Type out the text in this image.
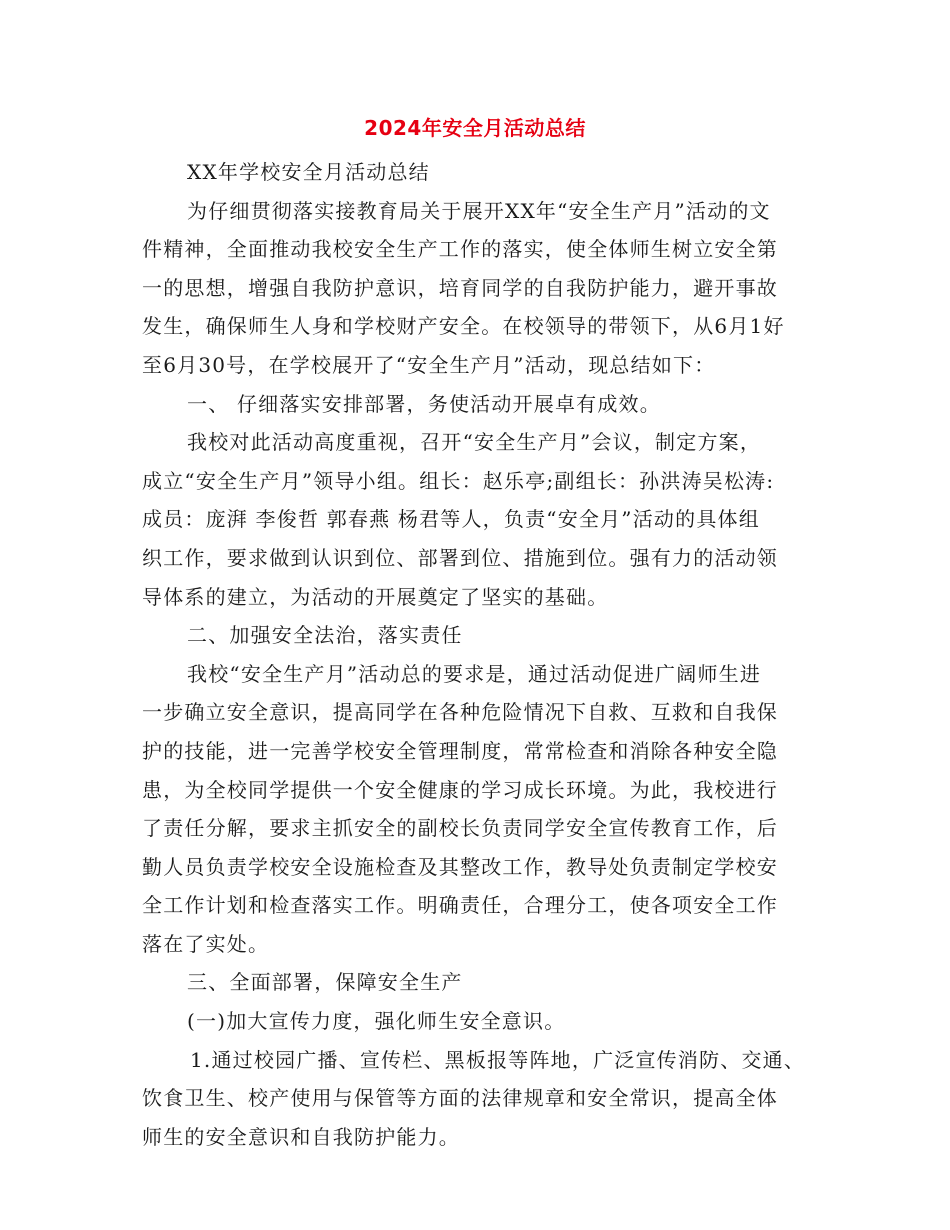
2024年安全月活动总结
XX年学校安全月活动总结
为仔细贯彻落实接教育局关于展开XX年“安全生产月”活动的文
件精神，全面推动我校安全生产工作的落实，使全体师生树立安全第
一的思想，增强自我防护意识，培育同学的自我防护能力，避开事故
发生，确保师生人身和学校财产安全。在校领导的带领下，从6月1好
至6月30号，在学校展开了“安全生产月”活动，现总结如下：
一、 仔细落实安排部署，务使活动开展卓有成效。
我校对此活动高度重视，召开“安全生产月”会议，制定方案，
成立“安全生产月”领导小组。组长：赵乐亭;副组长：孙洪涛吴松涛:
成员：庞湃 李俊哲 郭春燕 杨君等人，负责“安全月”活动的具体组
织工作，要求做到认识到位、部署到位、措施到位。强有力的活动领
导体系的建立，为活动的开展奠定了坚实的基础。
二、加强安全法治，落实责任
我校“安全生产月”活动总的要求是，通过活动促进广阔师生进
一步确立安全意识，提高同学在各种危险情况下自救、互救和自我保
护的技能，进一完善学校安全管理制度，常常检查和消除各种安全隐
患，为全校同学提供一个安全健康的学习成长环境。为此，我校进行
了责任分解，要求主抓安全的副校长负责同学安全宣传教育工作，后
勤人员负责学校安全设施检查及其整改工作，教导处负责制定学校安
全工作计划和检查落实工作。明确责任，合理分工，使各项安全工作
落在了实处。
三、全面部署，保障安全生产
(一)加大宣传力度，强化师生安全意识。
1.通过校园广播、宣传栏、黑板报等阵地，广泛宣传消防、交通、
饮食卫生、校产使用与保管等方面的法律规章和安全常识，提高全体
师生的安全意识和自我防护能力。
